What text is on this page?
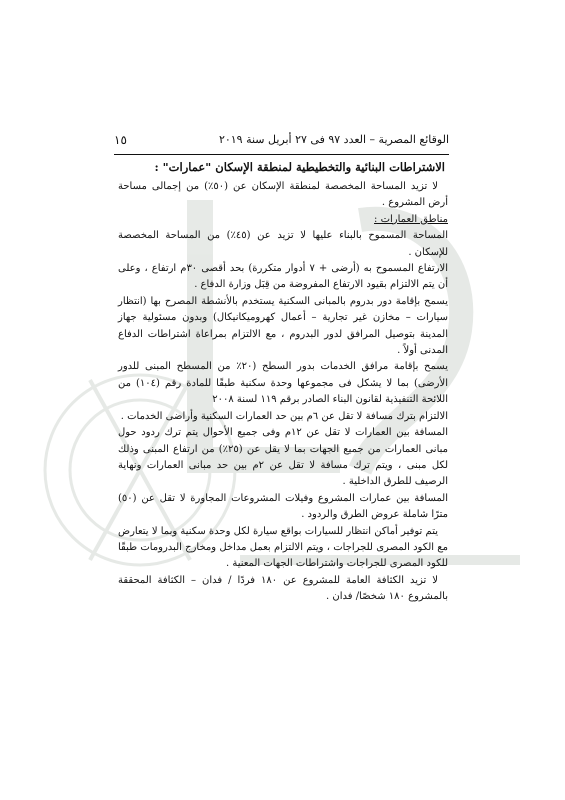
الوقائع المصرية – العدد ٩٧ فى ٢٧ أبريل سنة ٢٠١٩
١٥
الاشتراطات البنائية والتخطيطية لمنطقة الإسكان "عمارات" :

لا تزيد المساحة المخصصة لمنطقة الإسكان عن (٥٠٪) من إجمالى مساحة أرض المشروع .

مناطق العمارات :

المساحة المسموح بالبناء عليها لا تزيد عن (٤٥٪) من المساحة المخصصة للإسكان .

الارتفاع المسموح به (أرضى + ٧ أدوار متكررة) بحد أقصى ٣٠م ارتفاع ، وعلى أن يتم الالتزام بقيود الارتفاع المفروضة من قِبَل وزارة الدفاع .

يسمح بإقامة دور بدروم بالمبانى السكنية يستخدم بالأنشطة المصرح بها (انتظار سيارات – مخازن غير تجارية – أعمال كهروميكانيكال) وبدون مسئولية جهاز المدينة بتوصيل المرافق لدور البدروم ، مع الالتزام بمراعاة اشتراطات الدفاع المدنى أولاً .

يسمح بإقامة مرافق الخدمات بدور السطح (٢٠٪ من المسطح المبنى للدور الأرضى) بما لا يشكل فى مجموعها وحدة سكنية طبقًا للمادة رقم (١٠٤) من اللائحة التنفيذية لقانون البناء الصادر برقم ١١٩ لسنة ٢٠٠٨

الالتزام بترك مسافة لا تقل عن ٦م بين حد العمارات السكنية وأراضى الخدمات .

المسافة بين العمارات لا تقل عن ١٢م وفى جميع الأحوال يتم ترك ردود حول مبانى العمارات من جميع الجهات بما لا يقل عن (٢٥٪) من ارتفاع المبنى وذلك لكل مبنى ، ويتم ترك مسافة لا تقل عن ٢م بين حد مبانى العمارات ونهاية الرصيف للطرق الداخلية .

المسافة بين عمارات المشروع وفيلات المشروعات المجاورة لا تقل عن (٥٠) مترًا شاملة عروض الطرق والردود .

يتم توفير أماكن انتظار للسيارات بواقع سيارة لكل وحدة سكنية وبما لا يتعارض مع الكود المصرى للجراجات ، ويتم الالتزام بعمل مداخل ومخارج البدرومات طبقًا للكود المصرى للجراجات واشتراطات الجهات المعنية .

لا تزيد الكثافة العامة للمشروع عن ١٨٠ فردًا / فدان – الكثافة المحققة بالمشروع ١٨٠ شخصًا/ فدان .
